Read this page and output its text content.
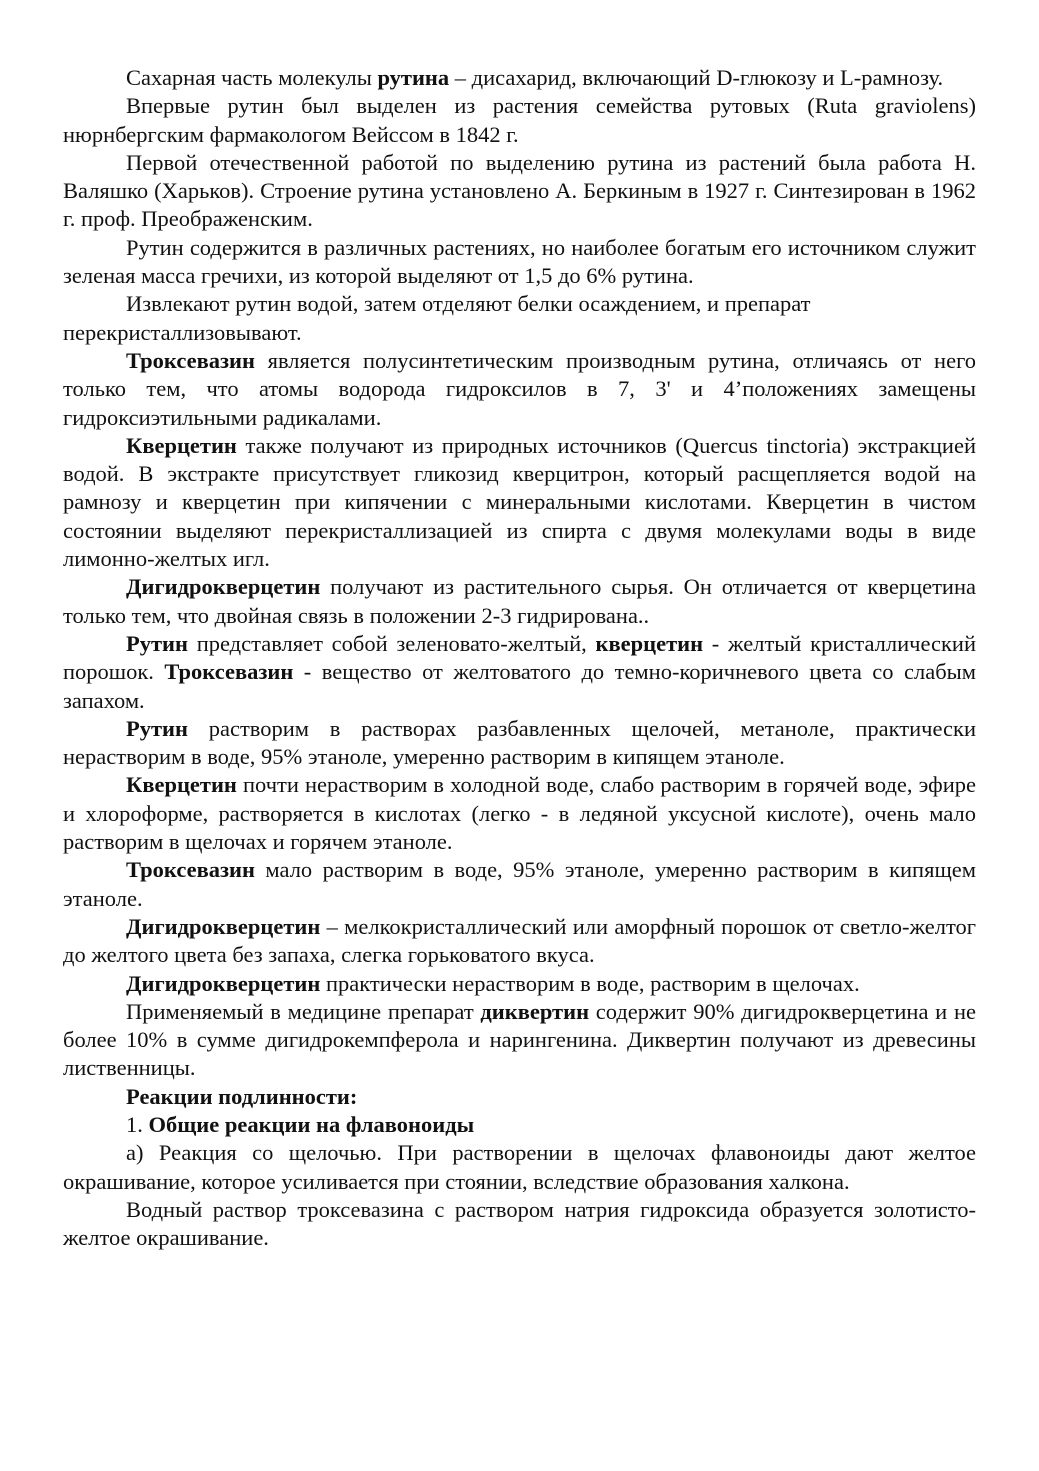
Сахарная часть молекулы рутина – дисахарид, включающий D-глюкозу и L-рамнозу.

Впервые рутин был выделен из растения семейства рутовых (Ruta graviolens) нюрнбергским фармакологом Вейссом в 1842 г.

Первой отечественной работой по выделению рутина из растений была работа Н. Валяшко (Харьков). Строение рутина установлено А. Беркиным в 1927 г. Синтезирован в 1962 г. проф. Преображенским.

Рутин содержится в различных растениях, но наиболее богатым его источником служит зеленая масса гречихи, из которой выделяют от 1,5 до 6% рутина.

Извлекают рутин водой, затем отделяют белки осаждением, и препарат перекристаллизовывают.

Троксевазин является полусинтетическим производным рутина, отличаясь от него только тем, что атомы водорода гидроксилов в 7, 3' и 4’положениях замещены гидроксиэтильными радикалами.

Кверцетин также получают из природных источников (Quercus tinctoria) экстракцией водой. В экстракте присутствует гликозид кверцитрон, который расщепляется водой на рамнозу и кверцетин при кипячении с минеральными кислотами. Кверцетин в чистом состоянии выделяют перекристаллизацией из спирта с двумя молекулами воды в виде лимонно-желтых игл.

Дигидрокверцетин получают из растительного сырья. Он отличается от кверцетина только тем, что двойная связь в положении 2-3 гидрирована..

Рутин представляет собой зеленовато-желтый, кверцетин - желтый кристаллический порошок. Троксевазин - вещество от желтоватого до темно-коричневого цвета со слабым запахом.

Рутин растворим в растворах разбавленных щелочей, метаноле, практически нерастворим в воде, 95% этаноле, умеренно растворим в кипящем этаноле.

Кверцетин почти нерастворим в холодной воде, слабо растворим в горячей воде, эфире и хлороформе, растворяется в кислотах (легко - в ледяной уксусной кислоте), очень мало растворим в щелочах и горячем этаноле.

Троксевазин мало растворим в воде, 95% этаноле, умеренно растворим в кипящем этаноле.

Дигидрокверцетин – мелкокристаллический или аморфный порошок от светло-желтог до желтого цвета без запаха, слегка горьковатого вкуса.

Дигидрокверцетин практически нерастворим в воде, растворим в щелочах.

Применяемый в медицине препарат диквертин содержит 90% дигидрокверцетина и не более 10% в сумме дигидрокемпферола и нарингенина. Диквертин получают из древесины лиственницы.

Реакции подлинности:

1. Общие реакции на флавоноиды

а) Реакция со щелочью. При растворении в щелочах флавоноиды дают желтое окрашивание, которое усиливается при стоянии, вследствие образования халкона.

Водный раствор троксевазина с раствором натрия гидроксида образуется золотисто-желтое окрашивание.
